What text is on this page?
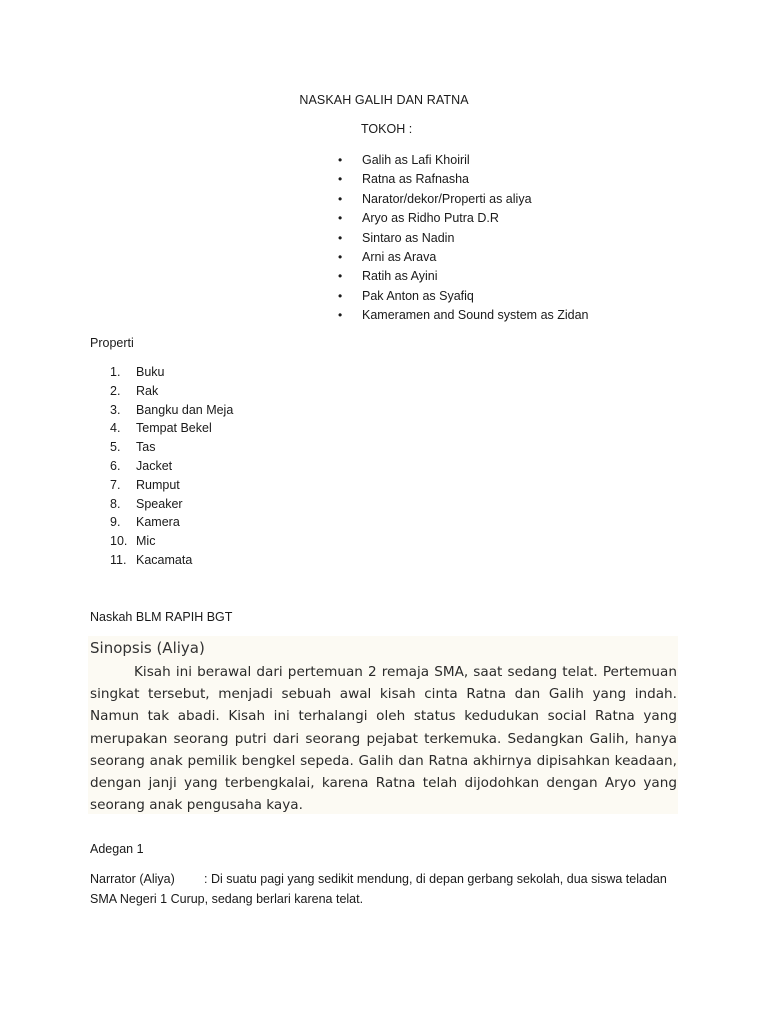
NASKAH GALIH DAN RATNA
TOKOH :
• Galih as Lafi Khoiril
• Ratna as Rafnasha
• Narator/dekor/Properti as aliya
• Aryo as Ridho Putra D.R
• Sintaro as Nadin
• Arni as Arava
• Ratih as Ayini
• Pak Anton as Syafiq
• Kameramen and Sound system as Zidan
Properti
1. Buku
2. Rak
3. Bangku dan Meja
4. Tempat Bekel
5. Tas
6. Jacket
7. Rumput
8. Speaker
9. Kamera
10. Mic
11. Kacamata
Naskah BLM RAPIH BGT
Sinopsis (Aliya)

Kisah ini berawal dari pertemuan 2 remaja SMA, saat sedang telat. Pertemuan singkat tersebut, menjadi sebuah awal kisah cinta Ratna dan Galih yang indah. Namun tak abadi. Kisah ini terhalangi oleh status kedudukan social Ratna yang merupakan seorang putri dari seorang pejabat terkemuka. Sedangkan Galih, hanya seorang anak pemilik bengkel sepeda. Galih dan Ratna akhirnya dipisahkan keadaan, dengan janji yang terbengkalai, karena Ratna telah dijodohkan dengan Aryo yang seorang anak pengusaha kaya.

Adegan 1

Narrator (Aliya) : Di suatu pagi yang sedikit mendung, di depan gerbang sekolah, dua siswa teladan SMA Negeri 1 Curup, sedang berlari karena telat.
